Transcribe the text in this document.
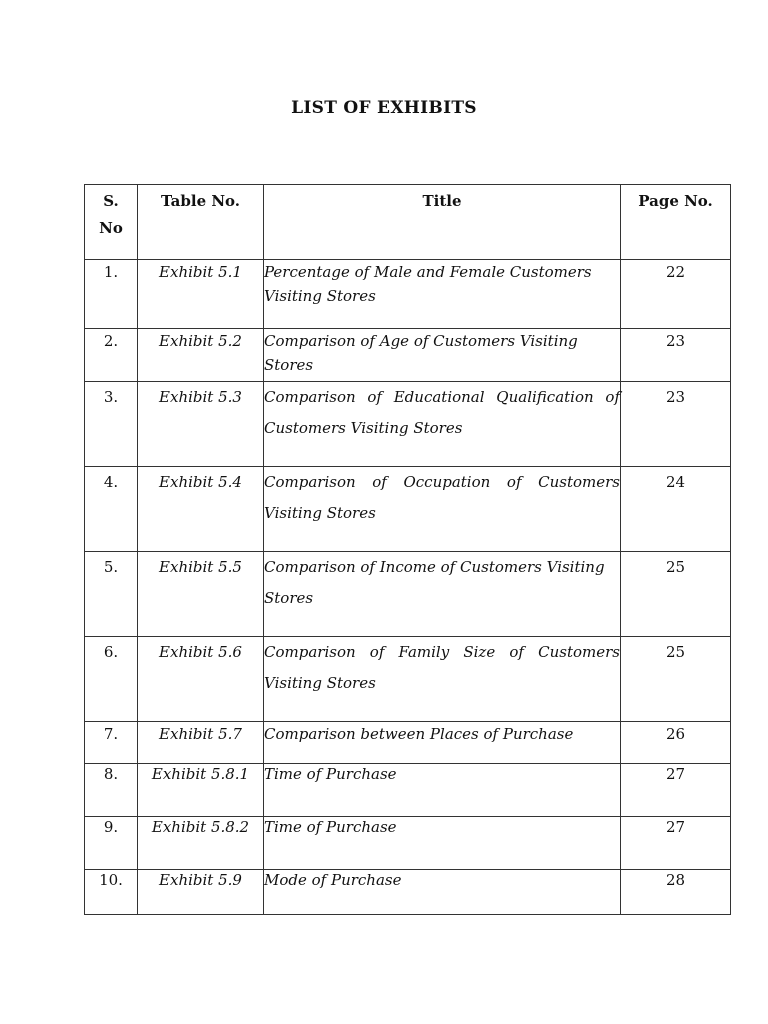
LIST OF EXHIBITS
S.
No	Table No.	Title	Page No.
1.	Exhibit 5.1	Percentage of Male and Female Customers Visiting Stores	22
2.	Exhibit 5.2	Comparison of Age of Customers Visiting Stores	23
3.	Exhibit 5.3	Comparison of Educational Qualification of Customers Visiting Stores	23
4.	Exhibit 5.4	Comparison of Occupation of Customers Visiting Stores	24
5.	Exhibit 5.5	Comparison of Income of Customers Visiting Stores	25
6.	Exhibit 5.6	Comparison of Family Size of Customers Visiting Stores	25
7.	Exhibit 5.7	Comparison between Places of Purchase	26
8.	Exhibit 5.8.1	Time of Purchase	27
9.	Exhibit 5.8.2	Time of Purchase	27
10.	Exhibit 5.9	Mode of Purchase	28
